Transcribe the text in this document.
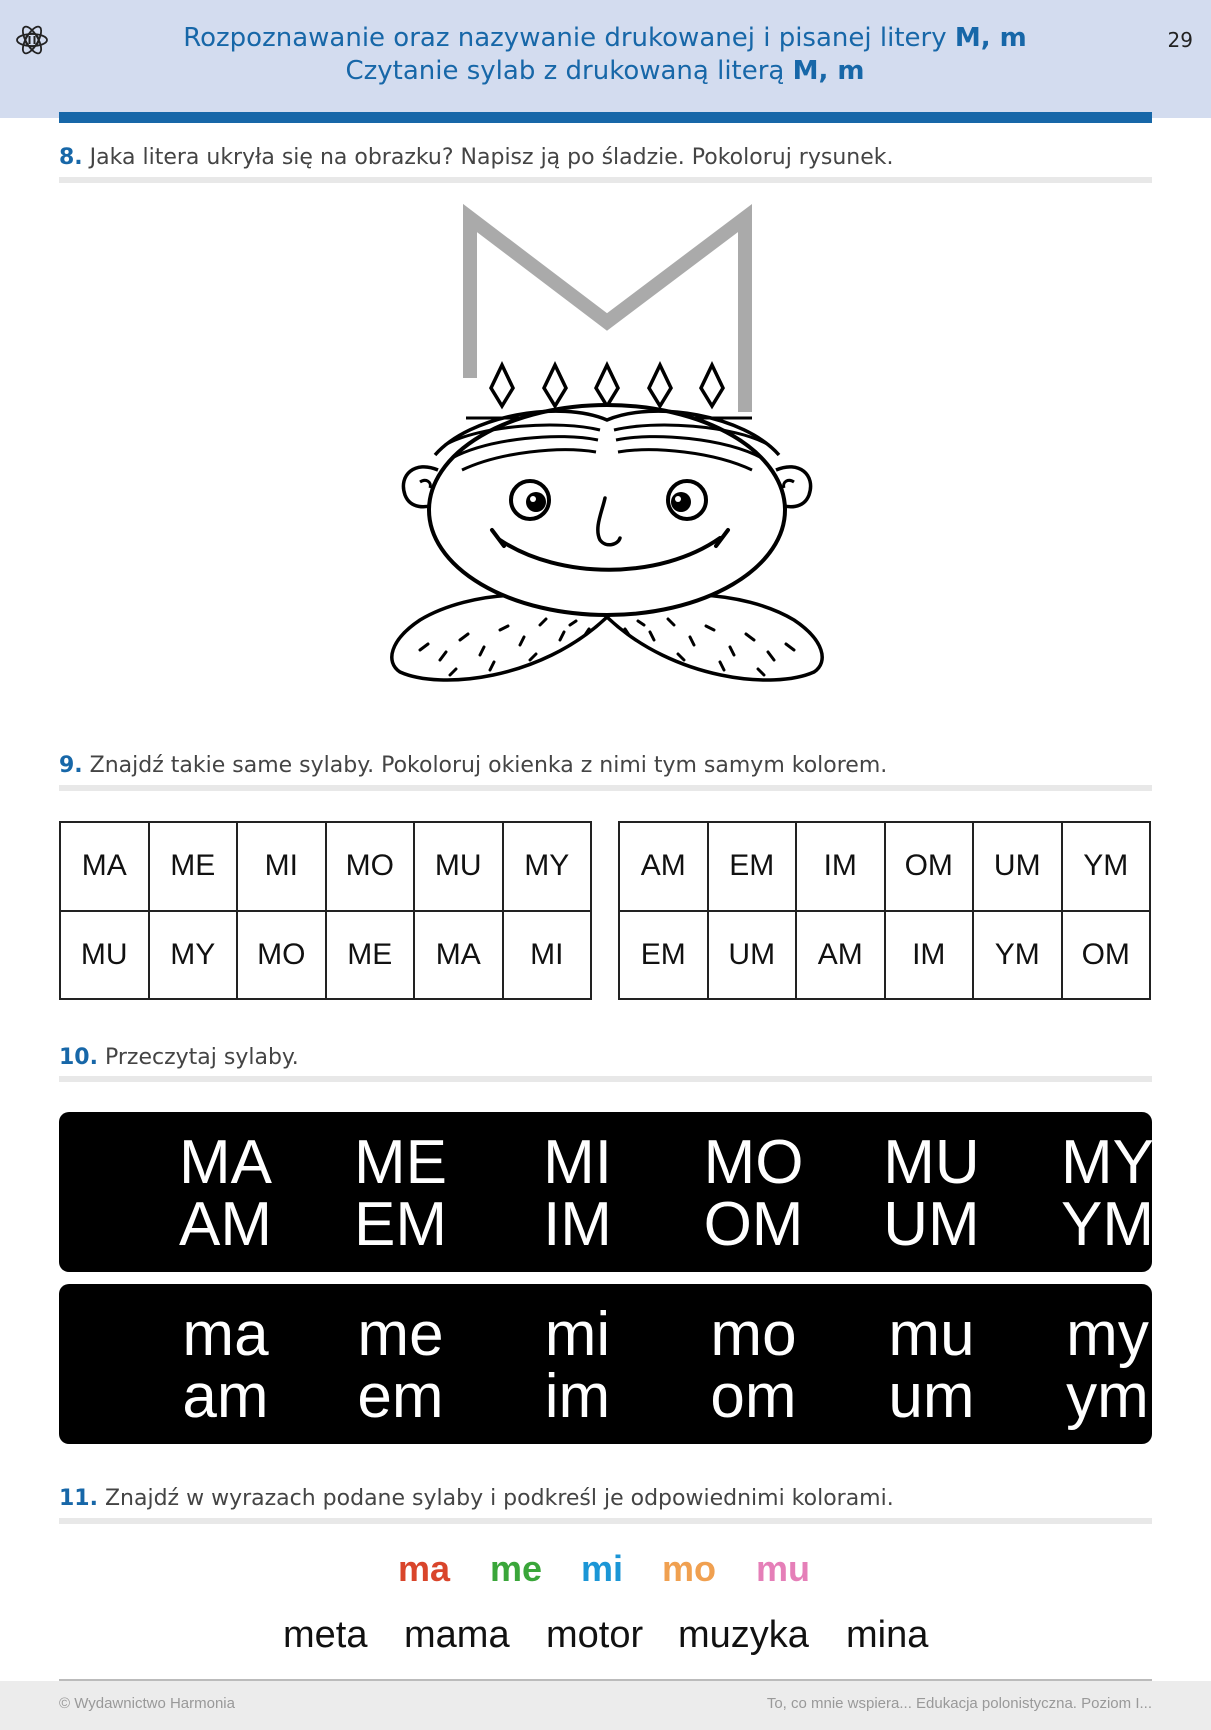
Rozpoznawanie oraz nazywanie drukowanej i pisanej litery M, m
Czytanie sylab z drukowaną literą M, m
29
8. Jaka litera ukryła się na obrazku? Napisz ją po śladzie. Pokoloruj rysunek.
9. Znajdź takie same sylaby. Pokoloruj okienka z nimi tym samym kolorem.
MA	ME	MI	MO	MU	MY
MU	MY	MO	ME	MA	MI
AM	EM	IM	OM	UM	YM
EM	UM	AM	IM	YM	OM
10. Przeczytaj sylaby.
MA	ME	MI	MO	MU	MY
AM	EM	IM	OM	UM	YM
ma	me	mi	mo	mu	my
am	em	im	om	um	ym
11. Znajdź w wyrazach podane sylaby i podkreśl je odpowiednimi kolorami.
ma me mi mo mu
meta mama motor muzyka mina
© Wydawnictwo Harmonia	To, co mnie wspiera... Edukacja polonistyczna. Poziom I...
